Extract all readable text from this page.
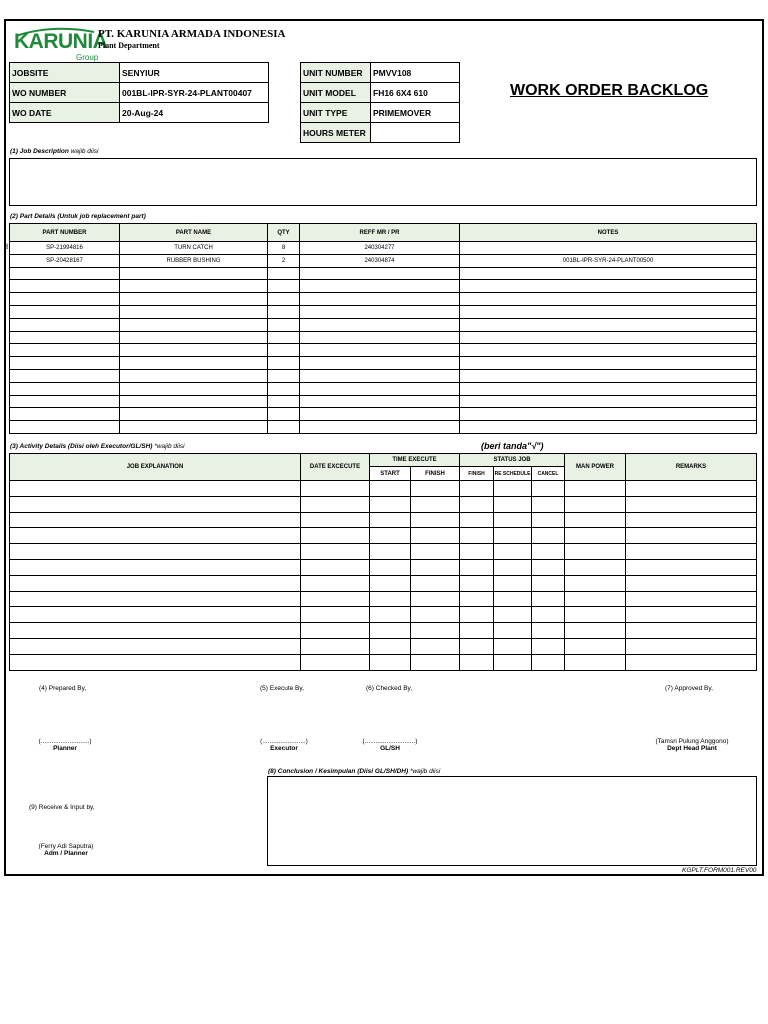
KARUNIA
Group
PT. KARUNIA ARMADA INDONESIA
Plant Department
JOBSITE	SENYIUR
WO NUMBER	001BL-IPR-SYR-24-PLANT00407
WO DATE	20-Aug-24
UNIT NUMBER	PMVV108
UNIT MODEL	FH16 6X4 610
UNIT TYPE	PRIMEMOVER
HOURS METER	
WORK ORDER BACKLOG
(1) Job Description wajib diisi
(2) Part Details (Untuk job replacement part)
d
PART NUMBER	PART NAME	QTY	REFF MR / PR	NOTES
SP-21994816	TURN CATCH	8	240304277	
SP-20428167	RUBBER BUSHING	2	240304874	001BL-IPR-SYR-24-PLANT00500

(3) Activity Details (Diisi oleh Executor/GL/SH) *wajib diisi	(beri tanda"√")
JOB EXPLANATION	DATE EXCECUTE	TIME EXECUTE		STATUS JOB			MAN POWER	REMARKS
		START	FINISH	FINISH	RE SCHEDULE	CANCEL		

(4) Prepared By,	(5) Execute By,	(6) Checked By,	(7) Approved By,
(...........................)
Planner
(........................)
Executor
(............................)
GL/SH
(Tamsri Pulung Anggono)
Dept Head Plant
(8) Conclusion / Kesimpulan (Diisi GL/SH/DH) *wajib diisi
(9) Receive & Input by,
(Ferry Adi Saputra)
Adm / Planner
KGPLT.FORM001.REV00
